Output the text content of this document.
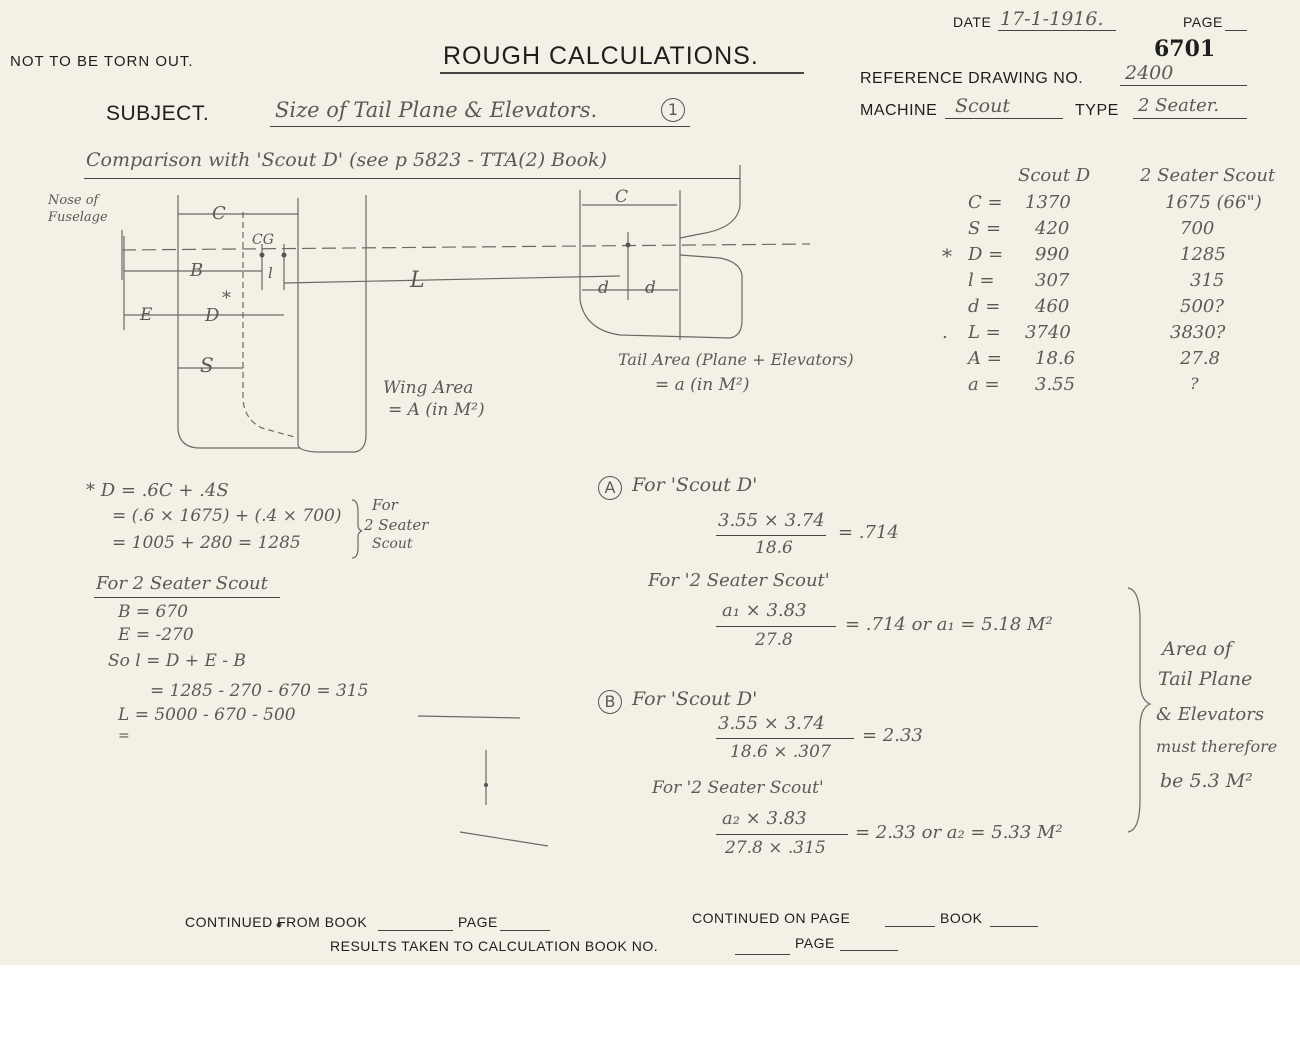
DATE 17-1-1916.	PAGE
6701
NOT TO BE TORN OUT.	ROUGH CALCULATIONS.
REFERENCE DRAWING NO. 2400
SUBJECT.	Size of Tail Plane & Elevators.	1	MACHINE Scout	TYPE 2 Seater.
Comparison with 'Scout D' (see p 5823 - TTA(2) Book)
Nose of
Fuselage	C
CG
B	l	L
*
E	D
S
Wing Area
= A (in M²)
C
d d
Tail Area (Plane + Elevators)
= a (in M²)
Scout D	2 Seater Scout
C = 1370	1675 (66")
S = 420	700
* D = 990	1285
l = 307	315
d = 460	500?
. L = 3740	3830?
A = 18.6	27.8
a = 3.55	?
* D = .6C + .4S
= (.6 × 1675) + (.4 × 700)
= 1005 + 280 = 1285
For
2 Seater
Scout
For 2 Seater Scout
B = 670
E = -270
So l = D + E - B
= 1285 - 270 - 670 = 315
L = 5000 - 670 - 500
=
A For 'Scout D'
3.55 × 3.74
18.6
= .714
For '2 Seater Scout'
a₁ × 3.83
27.8
= .714 or a₁ = 5.18 M²
B For 'Scout D'
3.55 × 3.74
18.6 × .307
= 2.33
For '2 Seater Scout'
a₂ × 3.83
27.8 × .315
= 2.33 or a₂ = 5.33 M²
Area of
Tail Plane
& Elevators
must therefore
be 5.3 M²
CONTINUED FROM BOOK	PAGE	CONTINUED ON PAGE	BOOK
RESULTS TAKEN TO CALCULATION BOOK NO.	PAGE
